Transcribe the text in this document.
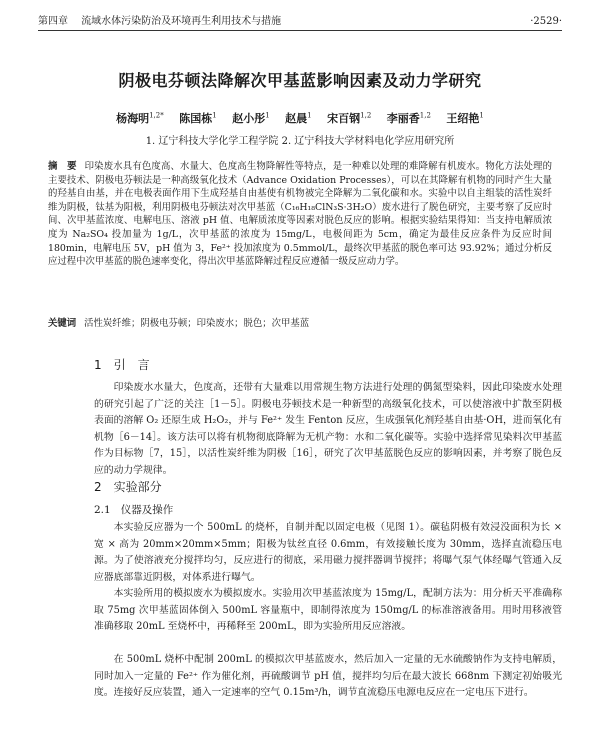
第四章 流域水体污染防治及环境再生利用技术与措施	·2529·
阴极电芬顿法降解次甲基蓝影响因素及动力学研究
杨海明$^{1,2*}$ 陈国栋$^1$ 赵小彤$^1$ 赵晨$^1$ 宋百钢$^{1,2}$ 李丽香$^{1,2}$ 王绍艳$^1$
1. 辽宁科技大学化学工程学院 2. 辽宁科技大学材料电化学应用研究所
摘　要 印染废水具有色度高、水量大、色度高生物降解性等特点，是一种难以处理的难降解有机废水。物化方法处理的主要技术、阴极电芬顿法是一种高级氧化技术（Advance Oxidation Processes），可以在其降解有机物的同时产生大量的羟基自由基，并在电极表面作用下生成羟基自由基使有机物被完全降解为二氧化碳和水。实验中以自主组装的活性炭纤维为阴极，钛基为阳极，利用阴极电芬顿法对次甲基蓝（C₁₆H₁₈ClN₃S·3H₂O）废水进行了脱色研究，主要考察了反应时间、次甲基蓝浓度、电解电压、溶液 pH 值、电解质浓度等因素对脱色反应的影响。根据实验结果得知：当支持电解质浓度为 Na₂SO₄ 投加量为 1g/L，次甲基蓝的浓度为 15mg/L，电极间距为 5cm，确定为最佳反应条件为反应时间 180min，电解电压 5V，pH 值为 3，Fe²⁺ 投加浓度为 0.5mmol/L，最终次甲基蓝的脱色率可达 93.92%；通过分析反应过程中次甲基蓝的脱色速率变化，得出次甲基蓝降解过程反应遵循一级反应动力学。
关键词 活性炭纤维；阴极电芬顿；印染废水；脱色；次甲基蓝
1 引　言
印染废水水量大，色度高，还带有大量难以用常规生物方法进行处理的偶氮型染料，因此印染废水处理的研究引起了广泛的关注［1－5］。阴极电芬顿技术是一种新型的高级氧化技术，可以使溶液中扩散至阴极表面的溶解 O₂ 还原生成 H₂O₂，并与 Fe²⁺ 发生 Fenton 反应，生成强氧化剂羟基自由基·OH，进而氧化有机物［6－14］。该方法可以将有机物彻底降解为无机产物：水和二氧化碳等。实验中选择常见染料次甲基蓝作为目标物［7，15］，以活性炭纤维为阴极［16］，研究了次甲基蓝脱色反应的影响因素，并考察了脱色反应的动力学规律。
2 实验部分
2.1 仪器及操作
本实验反应器为一个 500mL 的烧杯，自制并配以固定电极（见图 1）。碳毡阴极有效浸没面积为长 × 宽 × 高为 20mm×20mm×5mm；阳极为钛丝直径 0.6mm，有效接触长度为 30mm，选择直流稳压电源。为了使溶液充分搅拌均匀，反应进行的彻底，采用磁力搅拌器调节搅拌；将曝气泵气体经曝气管通入反应器底部靠近阴极，对体系进行曝气。
本实验所用的模拟废水为模拟废水。实验用次甲基蓝浓度为 15mg/L，配制方法为：用分析天平准确称取 75mg 次甲基蓝固体倒入 500mL 容量瓶中，即制得浓度为 150mg/L 的标准溶液备用。用时用移液管准确移取 20mL 至烧杯中，再稀释至 200mL，即为实验所用反应溶液。
在 500mL 烧杯中配制 200mL 的模拟次甲基蓝废水，然后加入一定量的无水硫酸钠作为支持电解质，同时加入一定量的 Fe²⁺ 作为催化剂，再硫酸调节 pH 值，搅拌均匀后在最大波长 668nm 下测定初始吸光度。连接好反应装置，通入一定速率的空气 0.15m³/h，调节直流稳压电源电反应在一定电压下进行。
